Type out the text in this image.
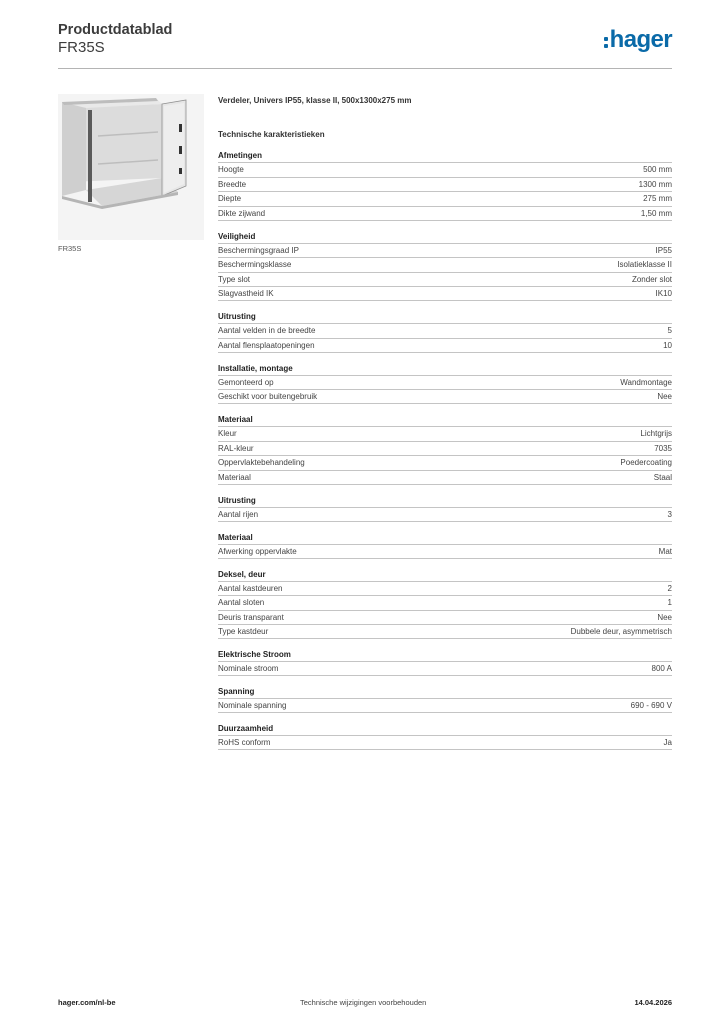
Productdatablad
FR35S	hager
FR35S
Verdeler, Univers IP55, klasse II, 500x1300x275 mm
Technische karakteristieken
Afmetingen
Hoogte	500 mm
Breedte	1300 mm
Diepte	275 mm
Dikte zijwand	1,50 mm
Veiligheid
Beschermingsgraad IP	IP55
Beschermingsklasse	Isolatieklasse II
Type slot	Zonder slot
Slagvastheid IK	IK10
Uitrusting
Aantal velden in de breedte	5
Aantal flensplaatopeningen	10
Installatie, montage
Gemonteerd op	Wandmontage
Geschikt voor buitengebruik	Nee
Materiaal
Kleur	Lichtgrijs
RAL-kleur	7035
Oppervlaktebehandeling	Poedercoating
Materiaal	Staal
Uitrusting
Aantal rijen	3
Materiaal
Afwerking oppervlakte	Mat
Deksel, deur
Aantal kastdeuren	2
Aantal sloten	1
Deuris transparant	Nee
Type kastdeur	Dubbele deur, asymmetrisch
Elektrische Stroom
Nominale stroom	800 A
Spanning
Nominale spanning	690 - 690 V
Duurzaamheid
RoHS conform	Ja
hager.com/nl-be	Technische wijzigingen voorbehouden	14.04.2026
